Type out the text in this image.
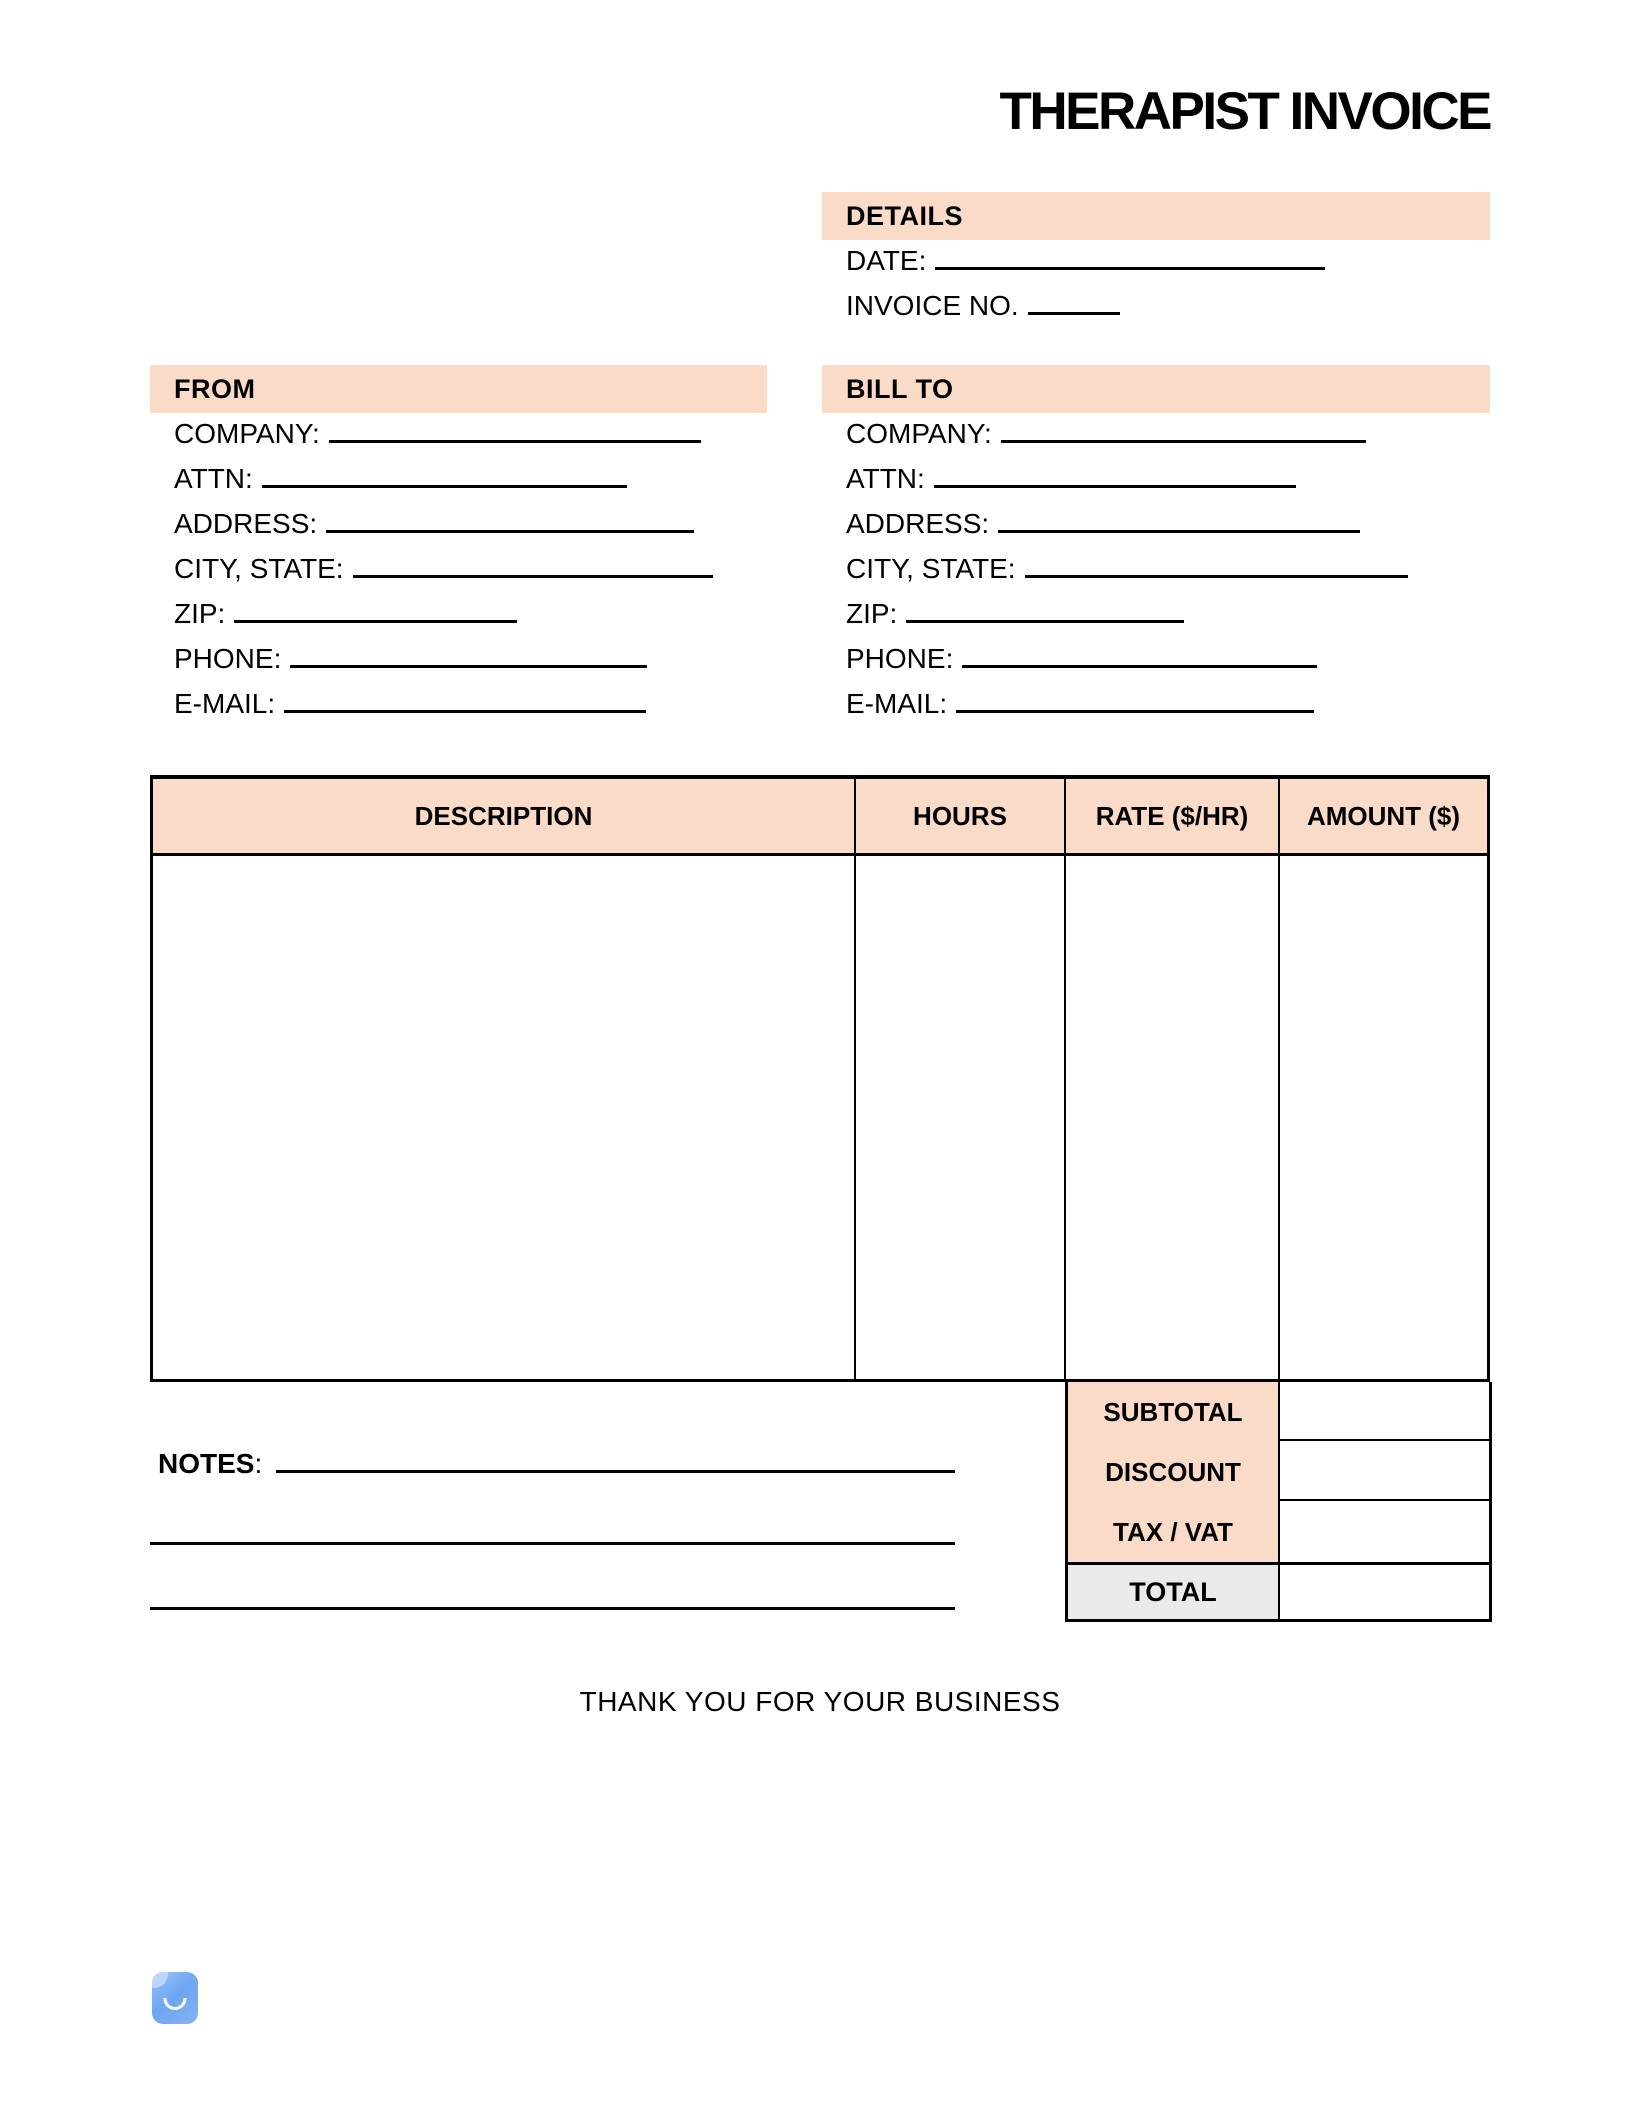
THERAPIST INVOICE
DETAILS
DATE:
INVOICE NO.
FROM
COMPANY:
ATTN:
ADDRESS:
CITY, STATE:
ZIP:
PHONE:
E-MAIL:
BILL TO
COMPANY:
ATTN:
ADDRESS:
CITY, STATE:
ZIP:
PHONE:
E-MAIL:
DESCRIPTION	HOURS	RATE ($/HR)	AMOUNT ($)
SUBTOTAL
DISCOUNT
TAX / VAT
TOTAL
NOTES :
THANK YOU FOR YOUR BUSINESS
